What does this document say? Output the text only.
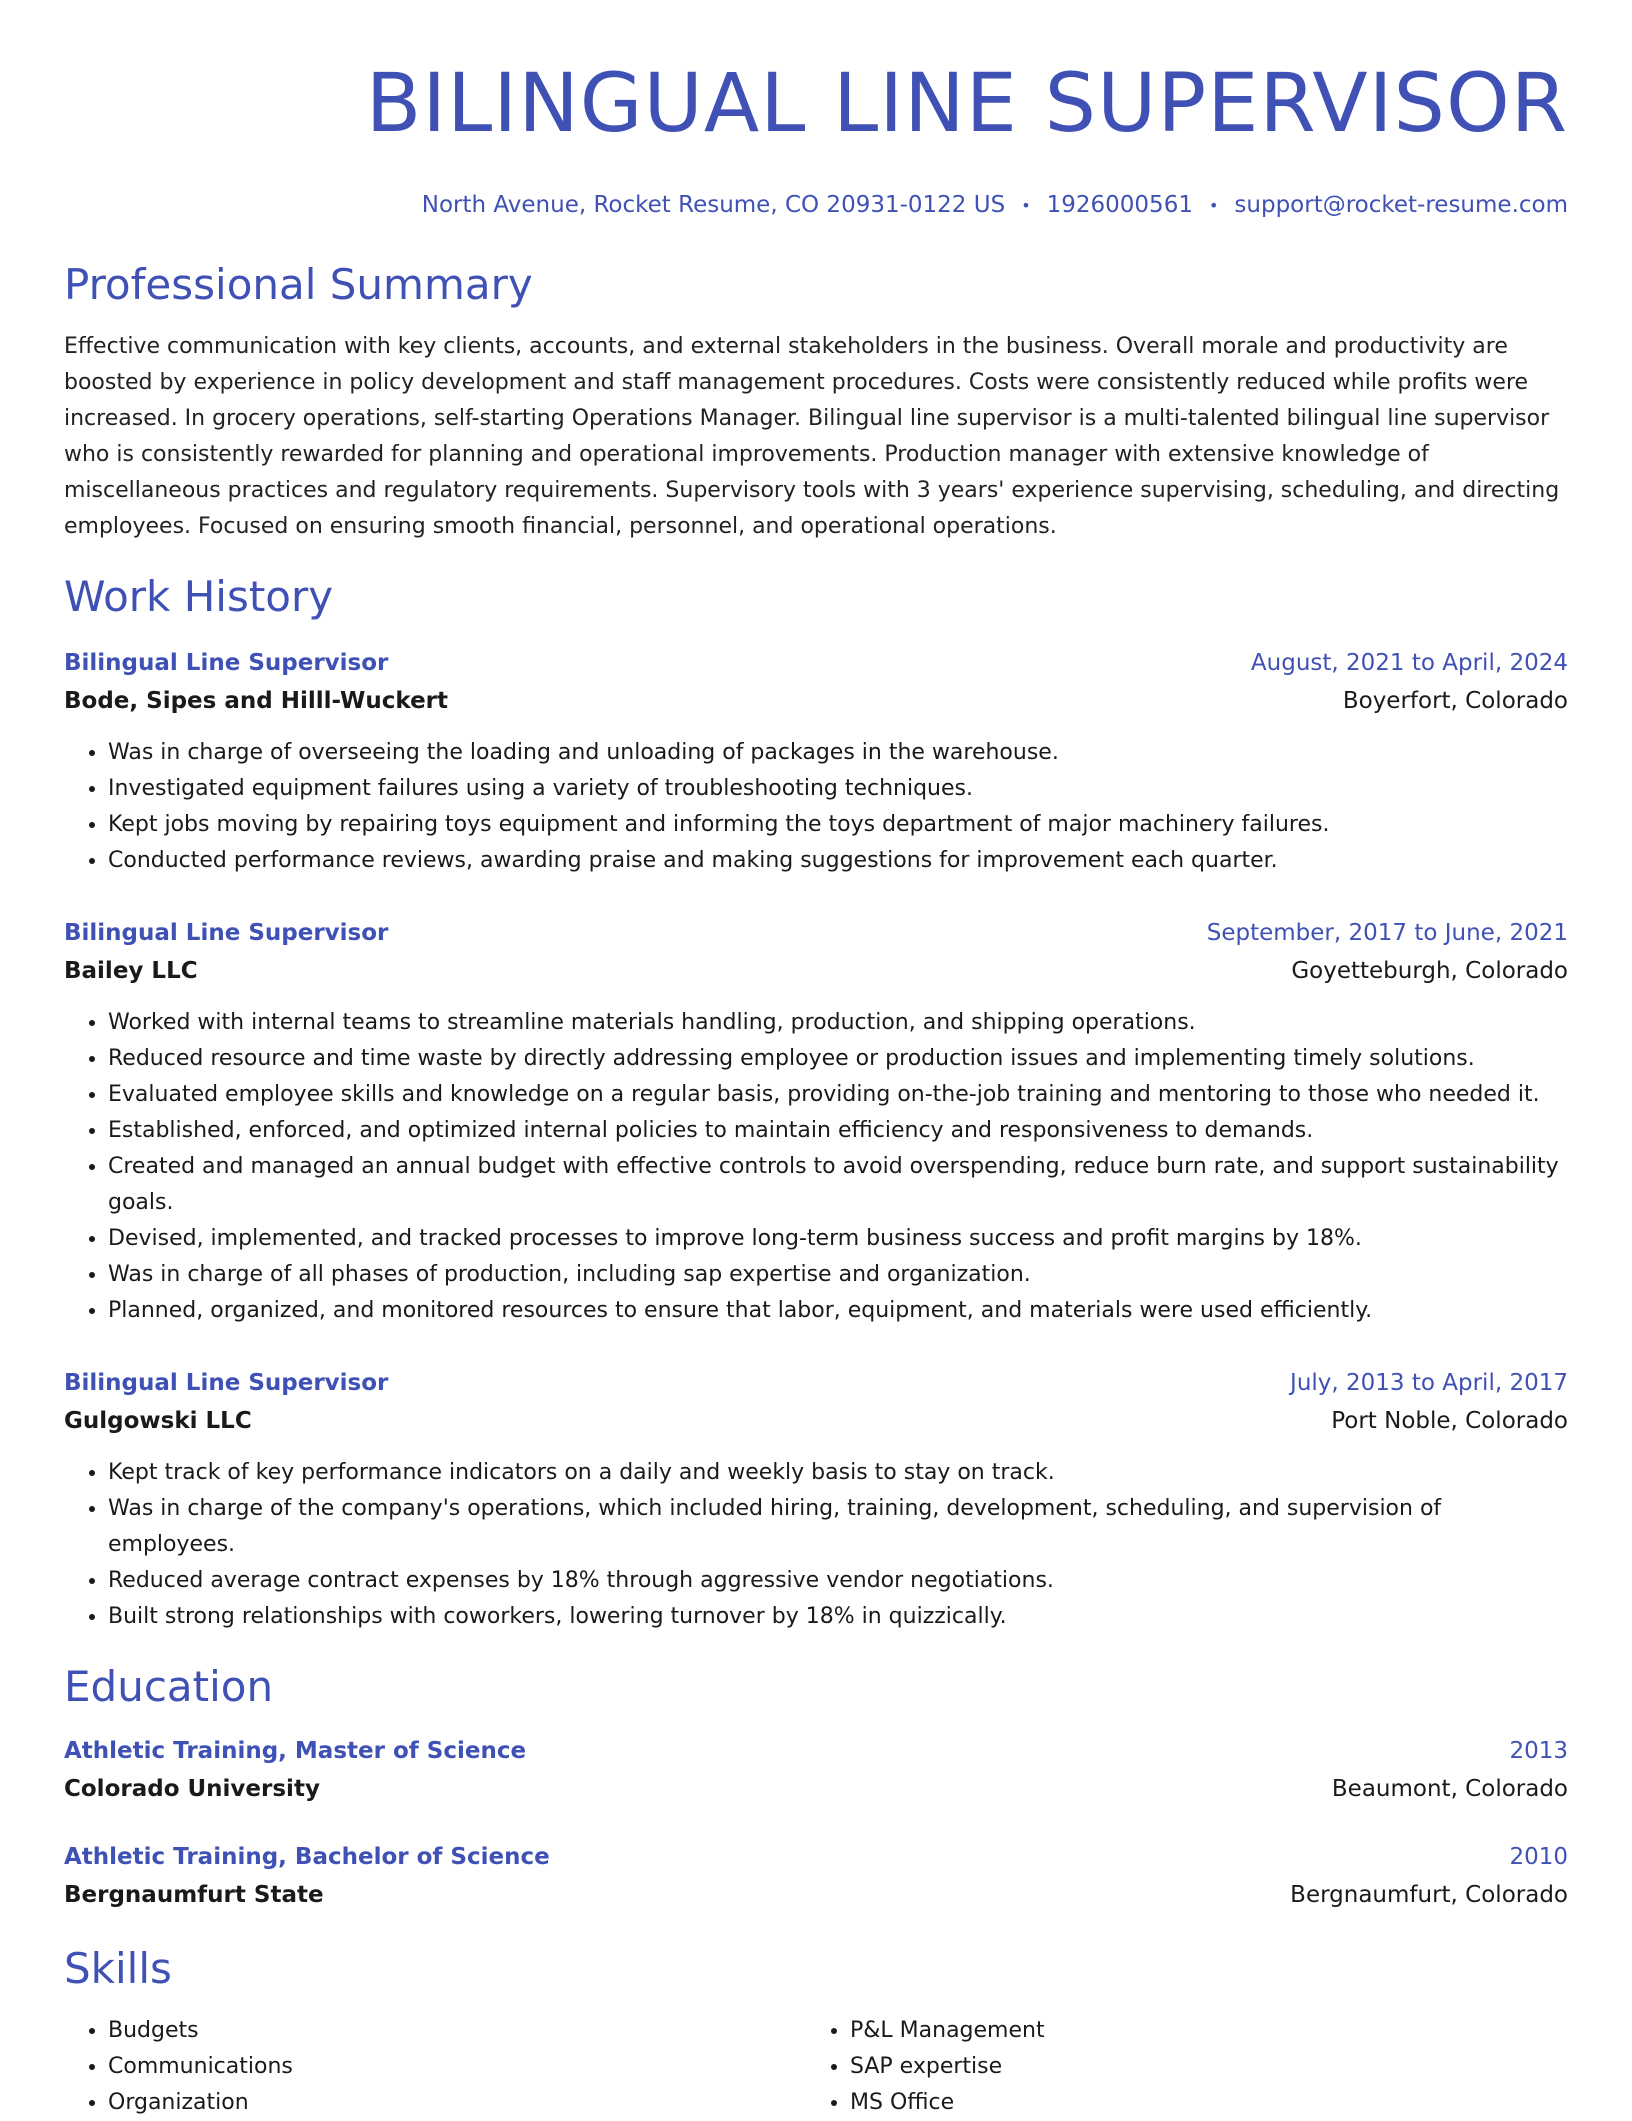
BILINGUAL LINE SUPERVISOR
North Avenue, Rocket Resume, CO 20931-0122 US • 1926000561 • support@rocket-resume.com
Professional Summary
Effective communication with key clients, accounts, and external stakeholders in the business. Overall morale and productivity are boosted by experience in policy development and staff management procedures. Costs were consistently reduced while profits were increased. In grocery operations, self-starting Operations Manager. Bilingual line supervisor is a multi-talented bilingual line supervisor who is consistently rewarded for planning and operational improvements. Production manager with extensive knowledge of miscellaneous practices and regulatory requirements. Supervisory tools with 3 years' experience supervising, scheduling, and directing employees. Focused on ensuring smooth financial, personnel, and operational operations.
Work History
Bilingual Line Supervisor	August, 2021 to April, 2024
Bode, Sipes and Hilll-Wuckert	Boyerfort, Colorado
• Was in charge of overseeing the loading and unloading of packages in the warehouse.
• Investigated equipment failures using a variety of troubleshooting techniques.
• Kept jobs moving by repairing toys equipment and informing the toys department of major machinery failures.
• Conducted performance reviews, awarding praise and making suggestions for improvement each quarter.
Bilingual Line Supervisor	September, 2017 to June, 2021
Bailey LLC	Goyetteburgh, Colorado
• Worked with internal teams to streamline materials handling, production, and shipping operations.
• Reduced resource and time waste by directly addressing employee or production issues and implementing timely solutions.
• Evaluated employee skills and knowledge on a regular basis, providing on-the-job training and mentoring to those who needed it.
• Established, enforced, and optimized internal policies to maintain efficiency and responsiveness to demands.
• Created and managed an annual budget with effective controls to avoid overspending, reduce burn rate, and support sustainability goals.
• Devised, implemented, and tracked processes to improve long-term business success and profit margins by 18%.
• Was in charge of all phases of production, including sap expertise and organization.
• Planned, organized, and monitored resources to ensure that labor, equipment, and materials were used efficiently.
Bilingual Line Supervisor	July, 2013 to April, 2017
Gulgowski LLC	Port Noble, Colorado
• Kept track of key performance indicators on a daily and weekly basis to stay on track.
• Was in charge of the company's operations, which included hiring, training, development, scheduling, and supervision of employees.
• Reduced average contract expenses by 18% through aggressive vendor negotiations.
• Built strong relationships with coworkers, lowering turnover by 18% in quizzically.
Education
Athletic Training, Master of Science	2013
Colorado University	Beaumont, Colorado
Athletic Training, Bachelor of Science	2010
Bergnaumfurt State	Bergnaumfurt, Colorado
Skills
• Budgets
• Communications
• Organization
• P&L Management
• SAP expertise
• MS Office
